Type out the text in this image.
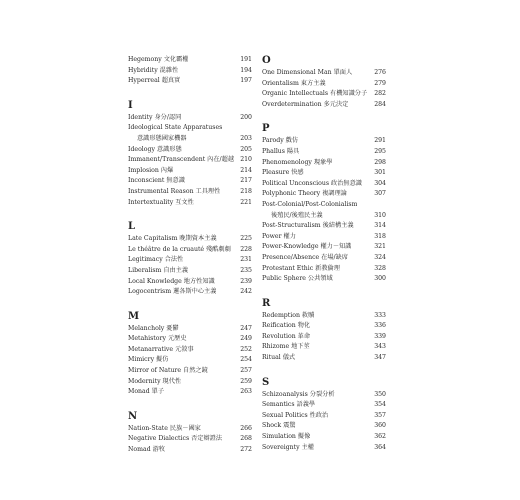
Hegemony 文化霸權	191
Hybridity 混雜性	194
Hyperreal 超真實	197
I
Identity 身分/認同	200
Ideological State Apparatuses
意識形態國家機器	203
Ideology 意識形態	205
Immanent/Transcendent 內在/超越 210
Implosion 內爆	214
Inconscient 無意識	217
Instrumental Reason 工具理性	218
Intertextuality 互文性	221
L
Late Capitalism 晚期資本主義	225
Le théâtre de la cruauté 殘酷劇劇	228
Legitimacy 合法性	231
Liberalism 自由主義	235
Local Knowledge 地方性知識	239
Logocentrism 邏各斯中心主義	242
M
Melancholy 憂鬱	247
Metahistory 元歷史	249
Metanarrative 元敘事	252
Mimicry 擬仿	254
Mirror of Nature 自然之鏡	257
Modernity 現代性	259
Monad 單子	263
N
Nation-State 民族－國家	266
Negative Dialectics 否定辯證法	268
Nomad 游牧	272
O
One Dimensional Man 單面人	276
Orientalism 東方主義	279
Organic Intellectuals 有機知識分子	282
Overdetermination 多元決定	284
P
Parody 戲仿	291
Phallus 陽具	295
Phenomenology 現象學	298
Pleasure 快感	301
Political Unconscious 政治無意識	304
Polyphonic Theory 複調理論	307
Post-Colonial/Post-Colonialism
後殖民/後殖民主義	310
Post-Structuralism 後結構主義	314
Power 權力	318
Power-Knowledge 權力－知識	321
Presence/Absence 在場/缺席	324
Protestant Ethic 新教倫理	328
Public Sphere 公共領域	300
R
Redemption 救贖	333
Reification 物化	336
Revolution 革命	339
Rhizome 地下莖	343
Ritual 儀式	347
S
Schizoanalysis 分裂分析	350
Semantics 語義學	354
Sexual Politics 性政治	357
Shock 震驚	360
Simulation 擬像	362
Sovereignty 主權	364
